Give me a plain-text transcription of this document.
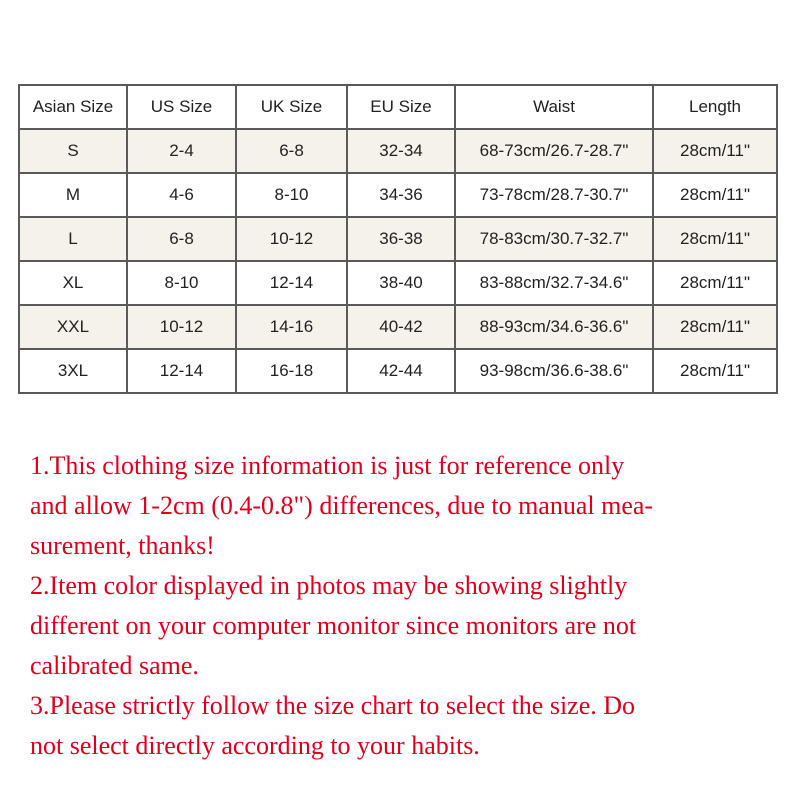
Asian Size	US Size	UK Size	EU Size	Waist	Length
S	2-4	6-8	32-34	68-73cm/26.7-28.7"	28cm/11"
M	4-6	8-10	34-36	73-78cm/28.7-30.7"	28cm/11"
L	6-8	10-12	36-38	78-83cm/30.7-32.7"	28cm/11"
XL	8-10	12-14	38-40	83-88cm/32.7-34.6"	28cm/11"
XXL	10-12	14-16	40-42	88-93cm/34.6-36.6"	28cm/11"
3XL	12-14	16-18	42-44	93-98cm/36.6-38.6"	28cm/11"
1.This clothing size information is just for reference only
and allow 1-2cm (0.4-0.8") differences, due to manual mea-
surement, thanks!
2.Item color displayed in photos may be showing slightly
different on your computer monitor since monitors are not
calibrated same.
3.Please strictly follow the size chart to select the size. Do
not select directly according to your habits.
